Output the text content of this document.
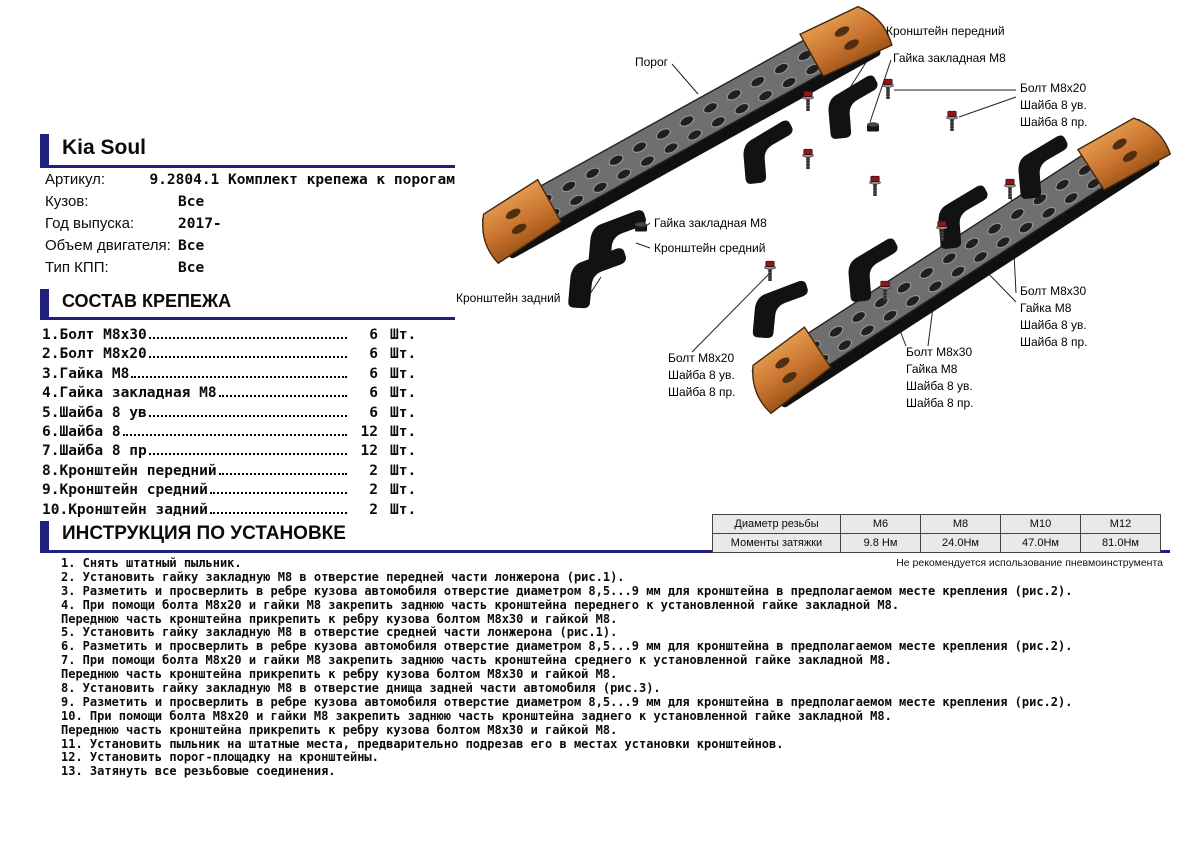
Порог
Кронштейн передний
Гайка закладная М8
Болт М8х20
Шайба 8 ув.
Шайба 8 пр.
Гайка закладная М8
Кронштейн средний
Кронштейн задний	Болт М8х30
Гайка М8
Шайба 8 ув.
Шайба 8 пр.
Болт М8х20
Шайба 8 ув.
Шайба 8 пр.
Болт М8х30
Гайка М8
Шайба 8 ув.
Шайба 8 пр.
Kia Soul
Артикул:	9.2804.1 Комплект крепежа к порогам
Кузов:	Все
Год выпуска:	2017-
Объем двигателя: Все
Тип КПП:	Все
СОСТАВ КРЕПЕЖА
1. Болт М8х30	6 Шт.
2. Болт М8х20	6 Шт.
3. Гайка М8	6 Шт.
4. Гайка закладная М8	6 Шт.
5. Шайба 8 ув	6 Шт.
6. Шайба 8	12 Шт.
7. Шайба 8 пр	12 Шт.
8. Кронштейн передний	2 Шт.
9. Кронштейн средний	2 Шт.
10. Кронштейн задний	2 Шт.
ИНСТРУКЦИЯ ПО УСТАНОВКЕ
1. Снять штатный пыльник.
2. Установить гайку закладную М8 в отверстие передней части лонжерона (рис.1).
3. Разметить и просверлить в ребре кузова автомобиля отверстие диаметром 8,5...9 мм для кронштейна в предполагаемом месте крепления (рис.2).
4. При помощи болта М8х20 и гайки М8 закрепить заднюю часть кронштейна переднего к установленной гайке закладной М8.
Переднюю часть кронштейна прикрепить к ребру кузова болтом М8х30 и гайкой М8.
5. Установить гайку закладную М8 в отверстие средней части лонжерона (рис.1).
6. Разметить и просверлить в ребре кузова автомобиля отверстие диаметром 8,5...9 мм для кронштейна в предполагаемом месте крепления (рис.2).
7. При помощи болта М8х20 и гайки М8 закрепить заднюю часть кронштейна среднего к установленной гайке закладной М8.
Переднюю часть кронштейна прикрепить к ребру кузова болтом М8х30 и гайкой М8.
8. Установить гайку закладную М8 в отверстие днища задней части автомобиля (рис.3).
9. Разметить и просверлить в ребре кузова автомобиля отверстие диаметром 8,5...9 мм для кронштейна в предполагаемом месте крепления (рис.2).
10. При помощи болта М8х20 и гайки М8 закрепить заднюю часть кронштейна заднего к установленной гайке закладной М8.
Переднюю часть кронштейна прикрепить к ребру кузова болтом М8х30 и гайкой М8.
11. Установить пыльник на штатные места, предварительно подрезав его в местах установки кронштейнов.
12. Установить порог-площадку на кронштейны.
13. Затянуть все резьбовые соединения.
Диаметр резьбы	М6	М8	М10	М12
Моменты затяжки	9.8 Нм	24.0Нм	47.0Нм	81.0Нм
Не рекомендуется использование пневмоинструмента
